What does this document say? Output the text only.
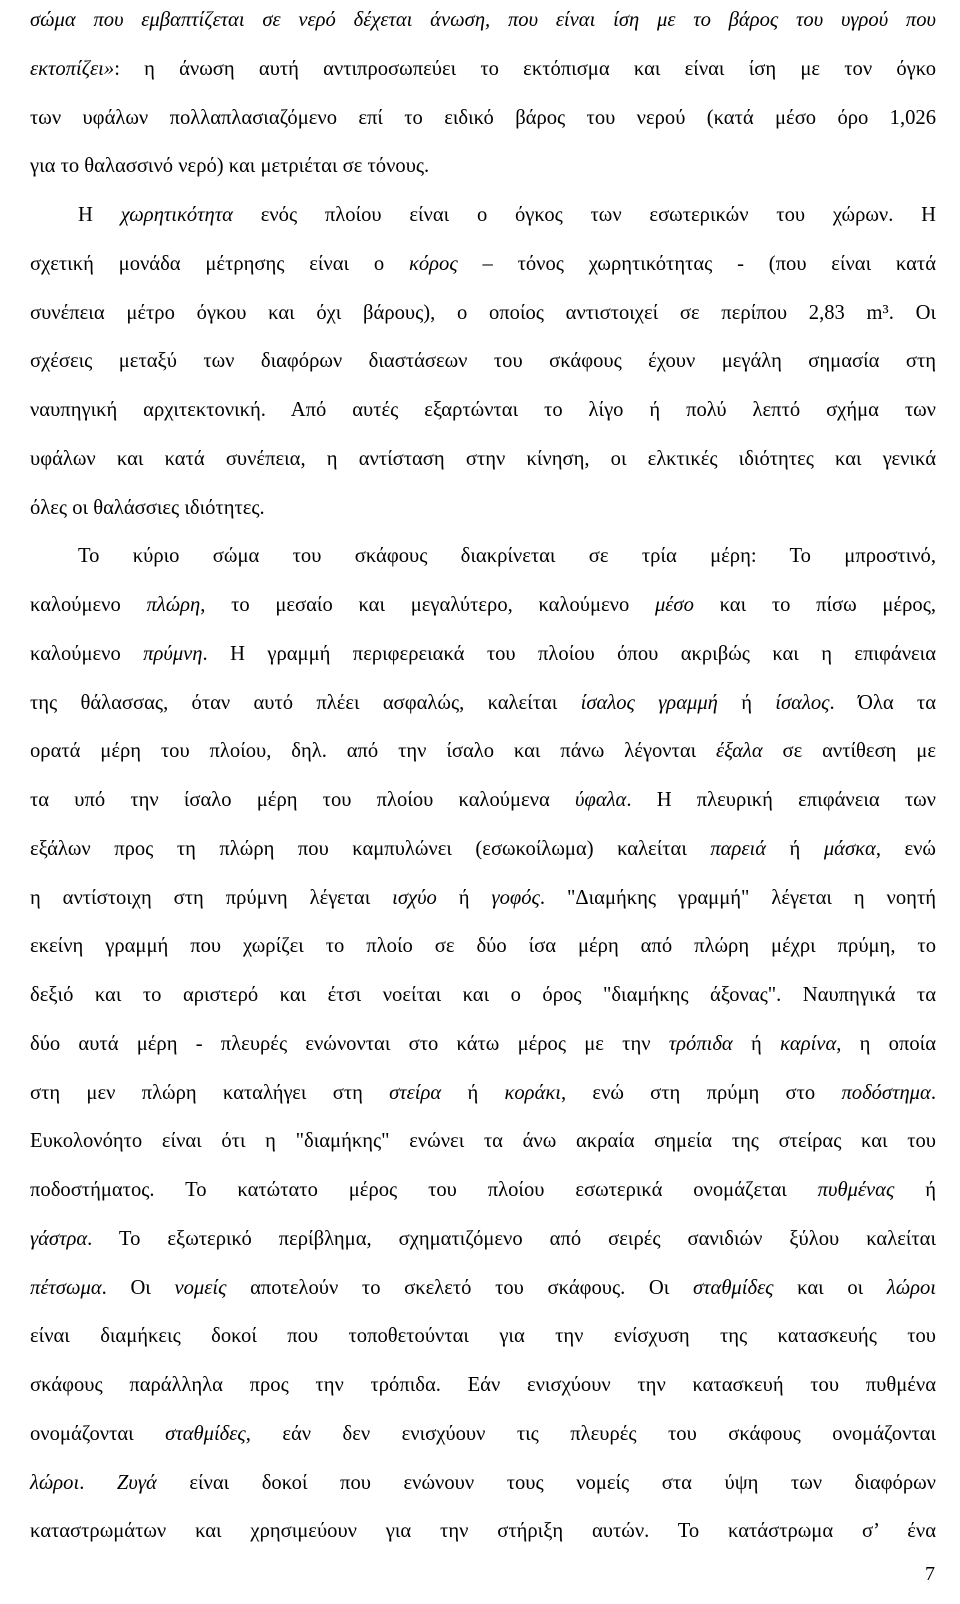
σώμα που εμβαπτίζεται σε νερό δέχεται άνωση, που είναι ίση με το βάρος του υγρού που
εκτοπίζει»: η άνωση αυτή αντιπροσωπεύει το εκτόπισμα και είναι ίση με τον όγκο
των υφάλων πολλαπλασιαζόμενο επί το ειδικό βάρος του νερού (κατά μέσο όρο 1,026
για το θαλασσινό νερό) και μετριέται σε τόνους.
Η χωρητικότητα ενός πλοίου είναι ο όγκος των εσωτερικών του χώρων. Η
σχετική μονάδα μέτρησης είναι ο κόρος – τόνος χωρητικότητας - (που είναι κατά
συνέπεια μέτρο όγκου και όχι βάρους), ο οποίος αντιστοιχεί σε περίπου 2,83 m³. Οι
σχέσεις μεταξύ των διαφόρων διαστάσεων του σκάφους έχουν μεγάλη σημασία στη
ναυπηγική αρχιτεκτονική. Από αυτές εξαρτώνται το λίγο ή πολύ λεπτό σχήμα των
υφάλων και κατά συνέπεια, η αντίσταση στην κίνηση, οι ελκτικές ιδιότητες και γενικά
όλες οι θαλάσσιες ιδιότητες.
Το κύριο σώμα του σκάφους διακρίνεται σε τρία μέρη: Το μπροστινό,
καλούμενο πλώρη, το μεσαίο και μεγαλύτερο, καλούμενο μέσο και το πίσω μέρος,
καλούμενο πρύμνη. Η γραμμή περιφερειακά του πλοίου όπου ακριβώς και η επιφάνεια
της θάλασσας, όταν αυτό πλέει ασφαλώς, καλείται ίσαλος γραμμή ή ίσαλος. Όλα τα
ορατά μέρη του πλοίου, δηλ. από την ίσαλο και πάνω λέγονται έξαλα σε αντίθεση με
τα υπό την ίσαλο μέρη του πλοίου καλούμενα ύφαλα. Η πλευρική επιφάνεια των
εξάλων προς τη πλώρη που καμπυλώνει (εσωκοίλωμα) καλείται παρειά ή μάσκα, ενώ
η αντίστοιχη στη πρύμνη λέγεται ισχύο ή γοφός. "Διαμήκης γραμμή" λέγεται η νοητή
εκείνη γραμμή που χωρίζει το πλοίο σε δύο ίσα μέρη από πλώρη μέχρι πρύμη, το
δεξιό και το αριστερό και έτσι νοείται και ο όρος "διαμήκης άξονας". Ναυπηγικά τα
δύο αυτά μέρη - πλευρές ενώνονται στο κάτω μέρος με την τρόπιδα ή καρίνα, η οποία
στη μεν πλώρη καταλήγει στη στείρα ή κοράκι, ενώ στη πρύμη στο ποδόστημα.
Ευκολονόητο είναι ότι η "διαμήκης" ενώνει τα άνω ακραία σημεία της στείρας και του
ποδοστήματος. Το κατώτατο μέρος του πλοίου εσωτερικά ονομάζεται πυθμένας ή
γάστρα. Το εξωτερικό περίβλημα, σχηματιζόμενο από σειρές σανιδιών ξύλου καλείται
πέτσωμα. Οι νομείς αποτελούν το σκελετό του σκάφους. Οι σταθμίδες και οι λώροι
είναι διαμήκεις δοκοί που τοποθετούνται για την ενίσχυση της κατασκευής του
σκάφους παράλληλα προς την τρόπιδα. Εάν ενισχύουν την κατασκευή του πυθμένα
ονομάζονται σταθμίδες, εάν δεν ενισχύουν τις πλευρές του σκάφους ονομάζονται
λώροι. Ζυγά είναι δοκοί που ενώνουν τους νομείς στα ύψη των διαφόρων
καταστρωμάτων και χρησιμεύουν για την στήριξη αυτών. Το κατάστρωμα σ’ ένα
7
